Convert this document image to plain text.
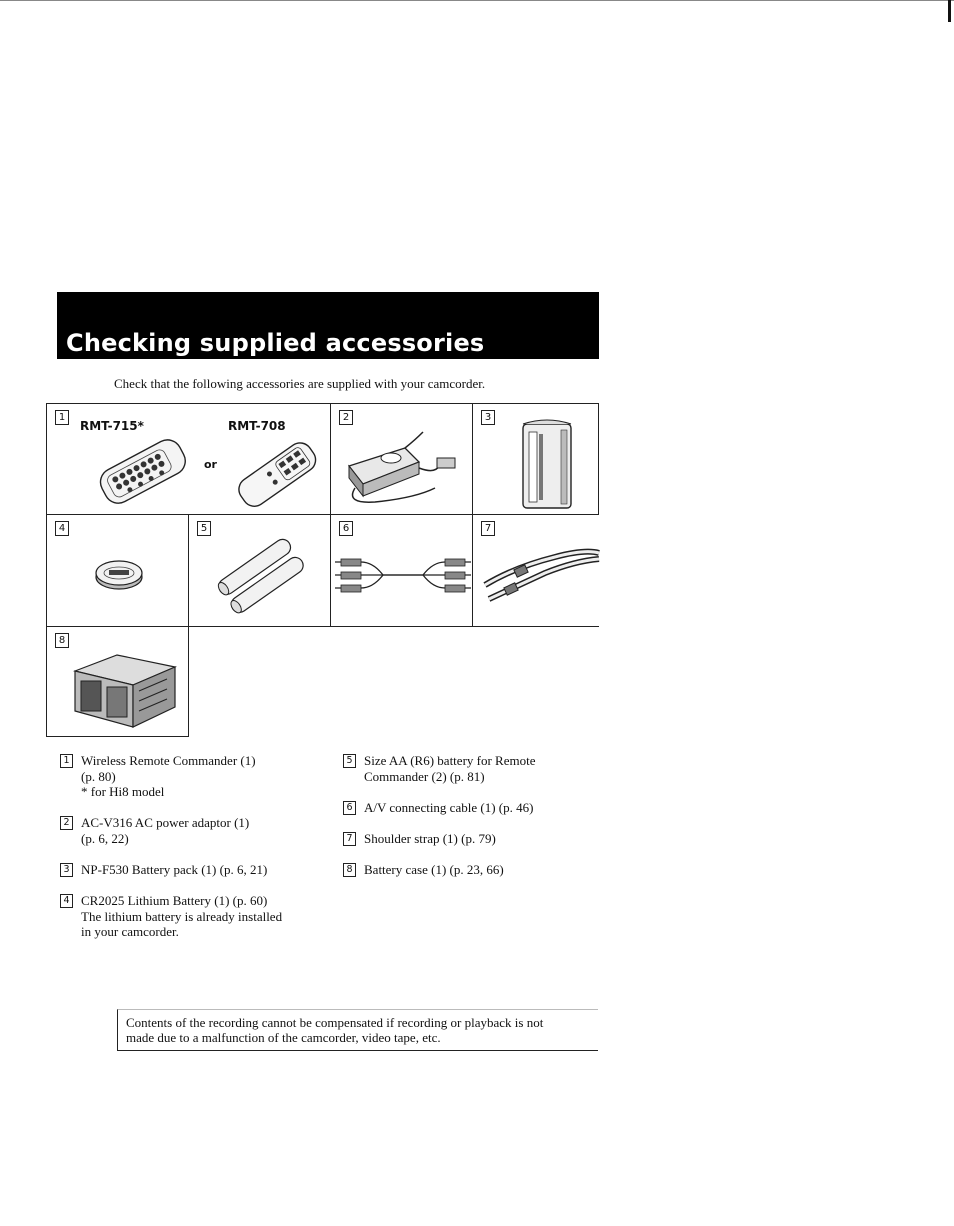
Checking supplied accessories

Check that the following accessories are supplied with your camcorder.

1
RMT-715*	RMT-708
or
2	3
4	5	6	7
8
1 Wireless Remote Commander (1)
(p. 80)
* for Hi8 model
2 AC-V316 AC power adaptor (1)
(p. 6, 22)
3 NP-F530 Battery pack (1) (p. 6, 21)
4 CR2025 Lithium Battery (1) (p. 60)
The lithium battery is already installed
in your camcorder.
5 Size AA (R6) battery for Remote
Commander (2) (p. 81)
6 A/V connecting cable (1) (p. 46)
7 Shoulder strap (1) (p. 79)
8 Battery case (1) (p. 23, 66)
Contents of the recording cannot be compensated if recording or playback is not
made due to a malfunction of the camcorder, video tape, etc.
